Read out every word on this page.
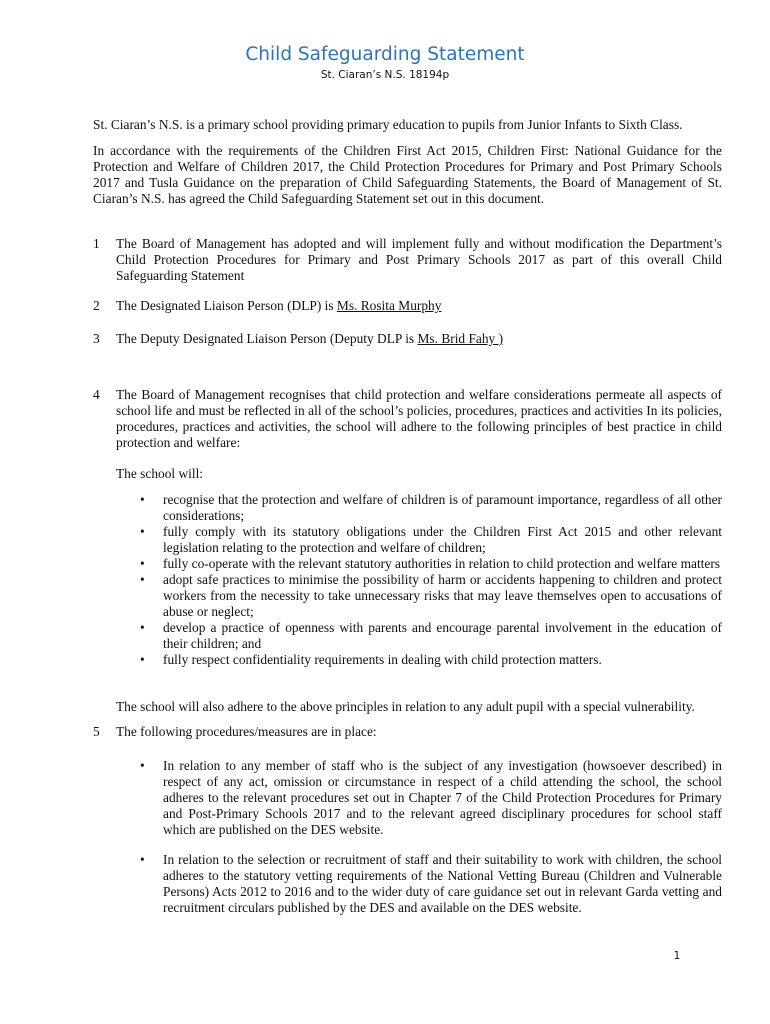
Child Safeguarding Statement
St. Ciaran’s N.S. 18194p

St. Ciaran’s N.S. is a primary school providing primary education to pupils from Junior Infants to Sixth Class.

In accordance with the requirements of the Children First Act 2015, Children First: National Guidance for the Protection and Welfare of Children 2017, the Child Protection Procedures for Primary and Post Primary Schools 2017 and Tusla Guidance on the preparation of Child Safeguarding Statements, the Board of Management of St. Ciaran’s N.S. has agreed the Child Safeguarding Statement set out in this document.

1	The Board of Management has adopted and will implement fully and without modification the Department’s Child Protection Procedures for Primary and Post Primary Schools 2017 as part of this overall Child Safeguarding Statement
2	The Designated Liaison Person (DLP) is Ms. Rosita Murphy
3	The Deputy Designated Liaison Person (Deputy DLP is Ms. Brid Fahy )
4	The Board of Management recognises that child protection and welfare considerations permeate all aspects of school life and must be reflected in all of the school’s policies, procedures, practices and activities In its policies, procedures, practices and activities, the school will adhere to the following principles of best practice in child protection and welfare:

The school will:

• recognise that the protection and welfare of children is of paramount importance, regardless of all other considerations;
• fully comply with its statutory obligations under the Children First Act 2015 and other relevant legislation relating to the protection and welfare of children;
• fully co-operate with the relevant statutory authorities in relation to child protection and welfare matters
• adopt safe practices to minimise the possibility of harm or accidents happening to children and protect workers from the necessity to take unnecessary risks that may leave themselves open to accusations of abuse or neglect;
• develop a practice of openness with parents and encourage parental involvement in the education of their children; and
• fully respect confidentiality requirements in dealing with child protection matters.

The school will also adhere to the above principles in relation to any adult pupil with a special vulnerability.

5	The following procedures/measures are in place:
• In relation to any member of staff who is the subject of any investigation (howsoever described) in respect of any act, omission or circumstance in respect of a child attending the school, the school adheres to the relevant procedures set out in Chapter 7 of the Child Protection Procedures for Primary and Post-Primary Schools 2017 and to the relevant agreed disciplinary procedures for school staff which are published on the DES website.
• In relation to the selection or recruitment of staff and their suitability to work with children, the school adheres to the statutory vetting requirements of the National Vetting Bureau (Children and Vulnerable Persons) Acts 2012 to 2016 and to the wider duty of care guidance set out in relevant Garda vetting and recruitment circulars published by the DES and available on the DES website.
1
